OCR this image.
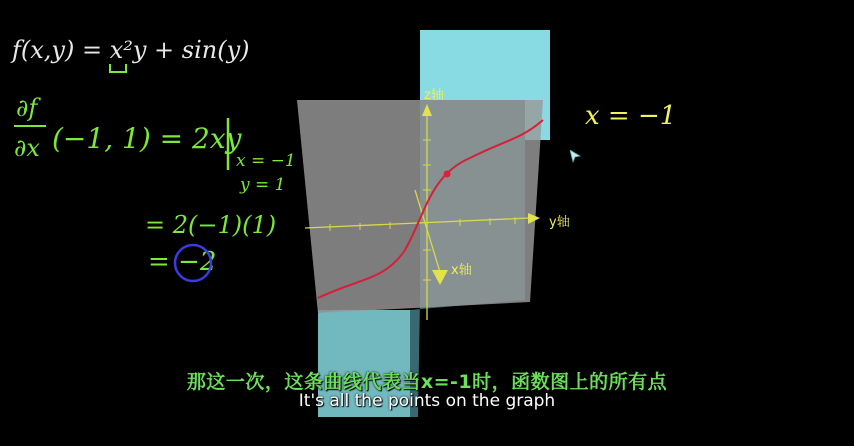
z轴
y轴
x轴
f(x,y) = x²y + sin(y)
∂f
∂x (−1, 1) = 2xy
x = −1
y = 1
= 2(−1)(1)
= −2
x = −1
那这一次，这条曲线代表当x=-1时，函数图上的所有点
It's all the points on the graph
